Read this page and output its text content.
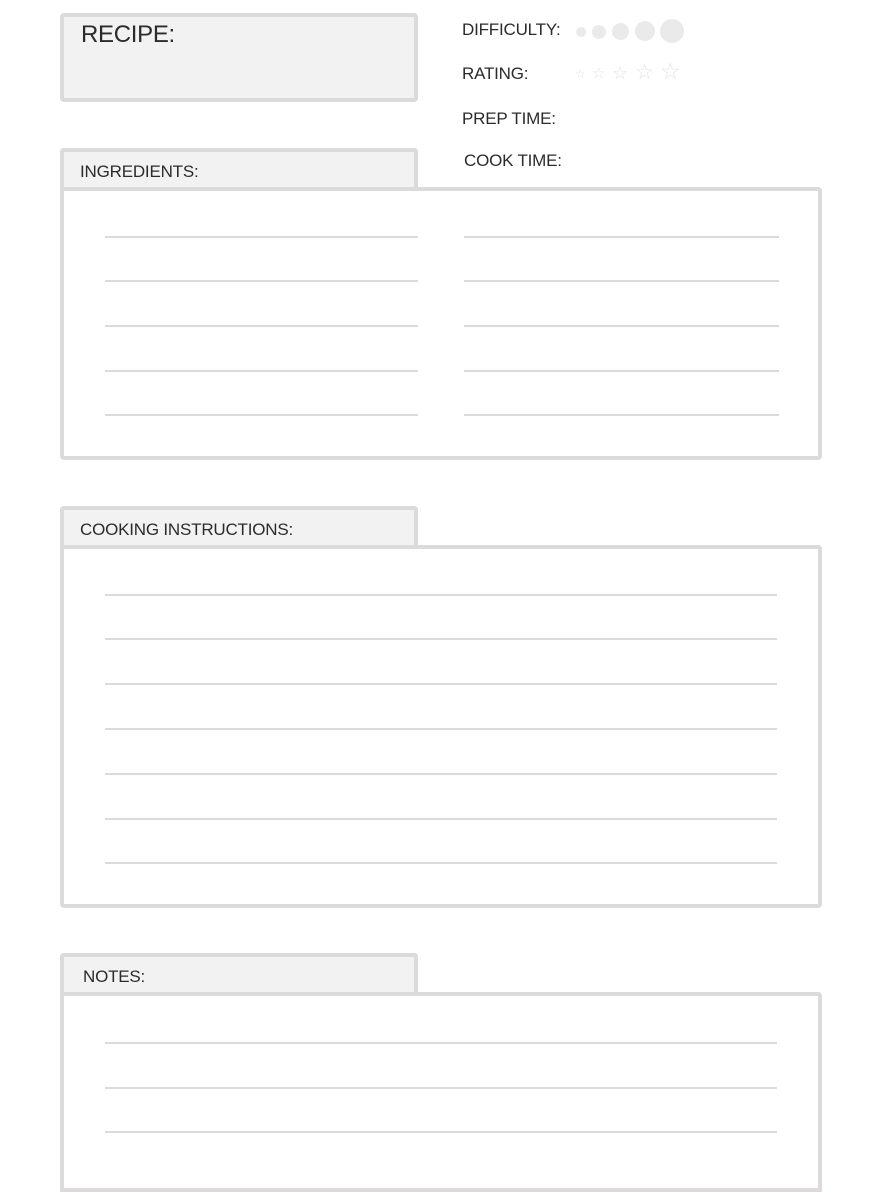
RECIPE:	DIFFICULTY:
RATING:	☆ ☆ ☆ ☆ ☆
PREP TIME:
COOK TIME:
INGREDIENTS:
COOKING INSTRUCTIONS:
NOTES:
